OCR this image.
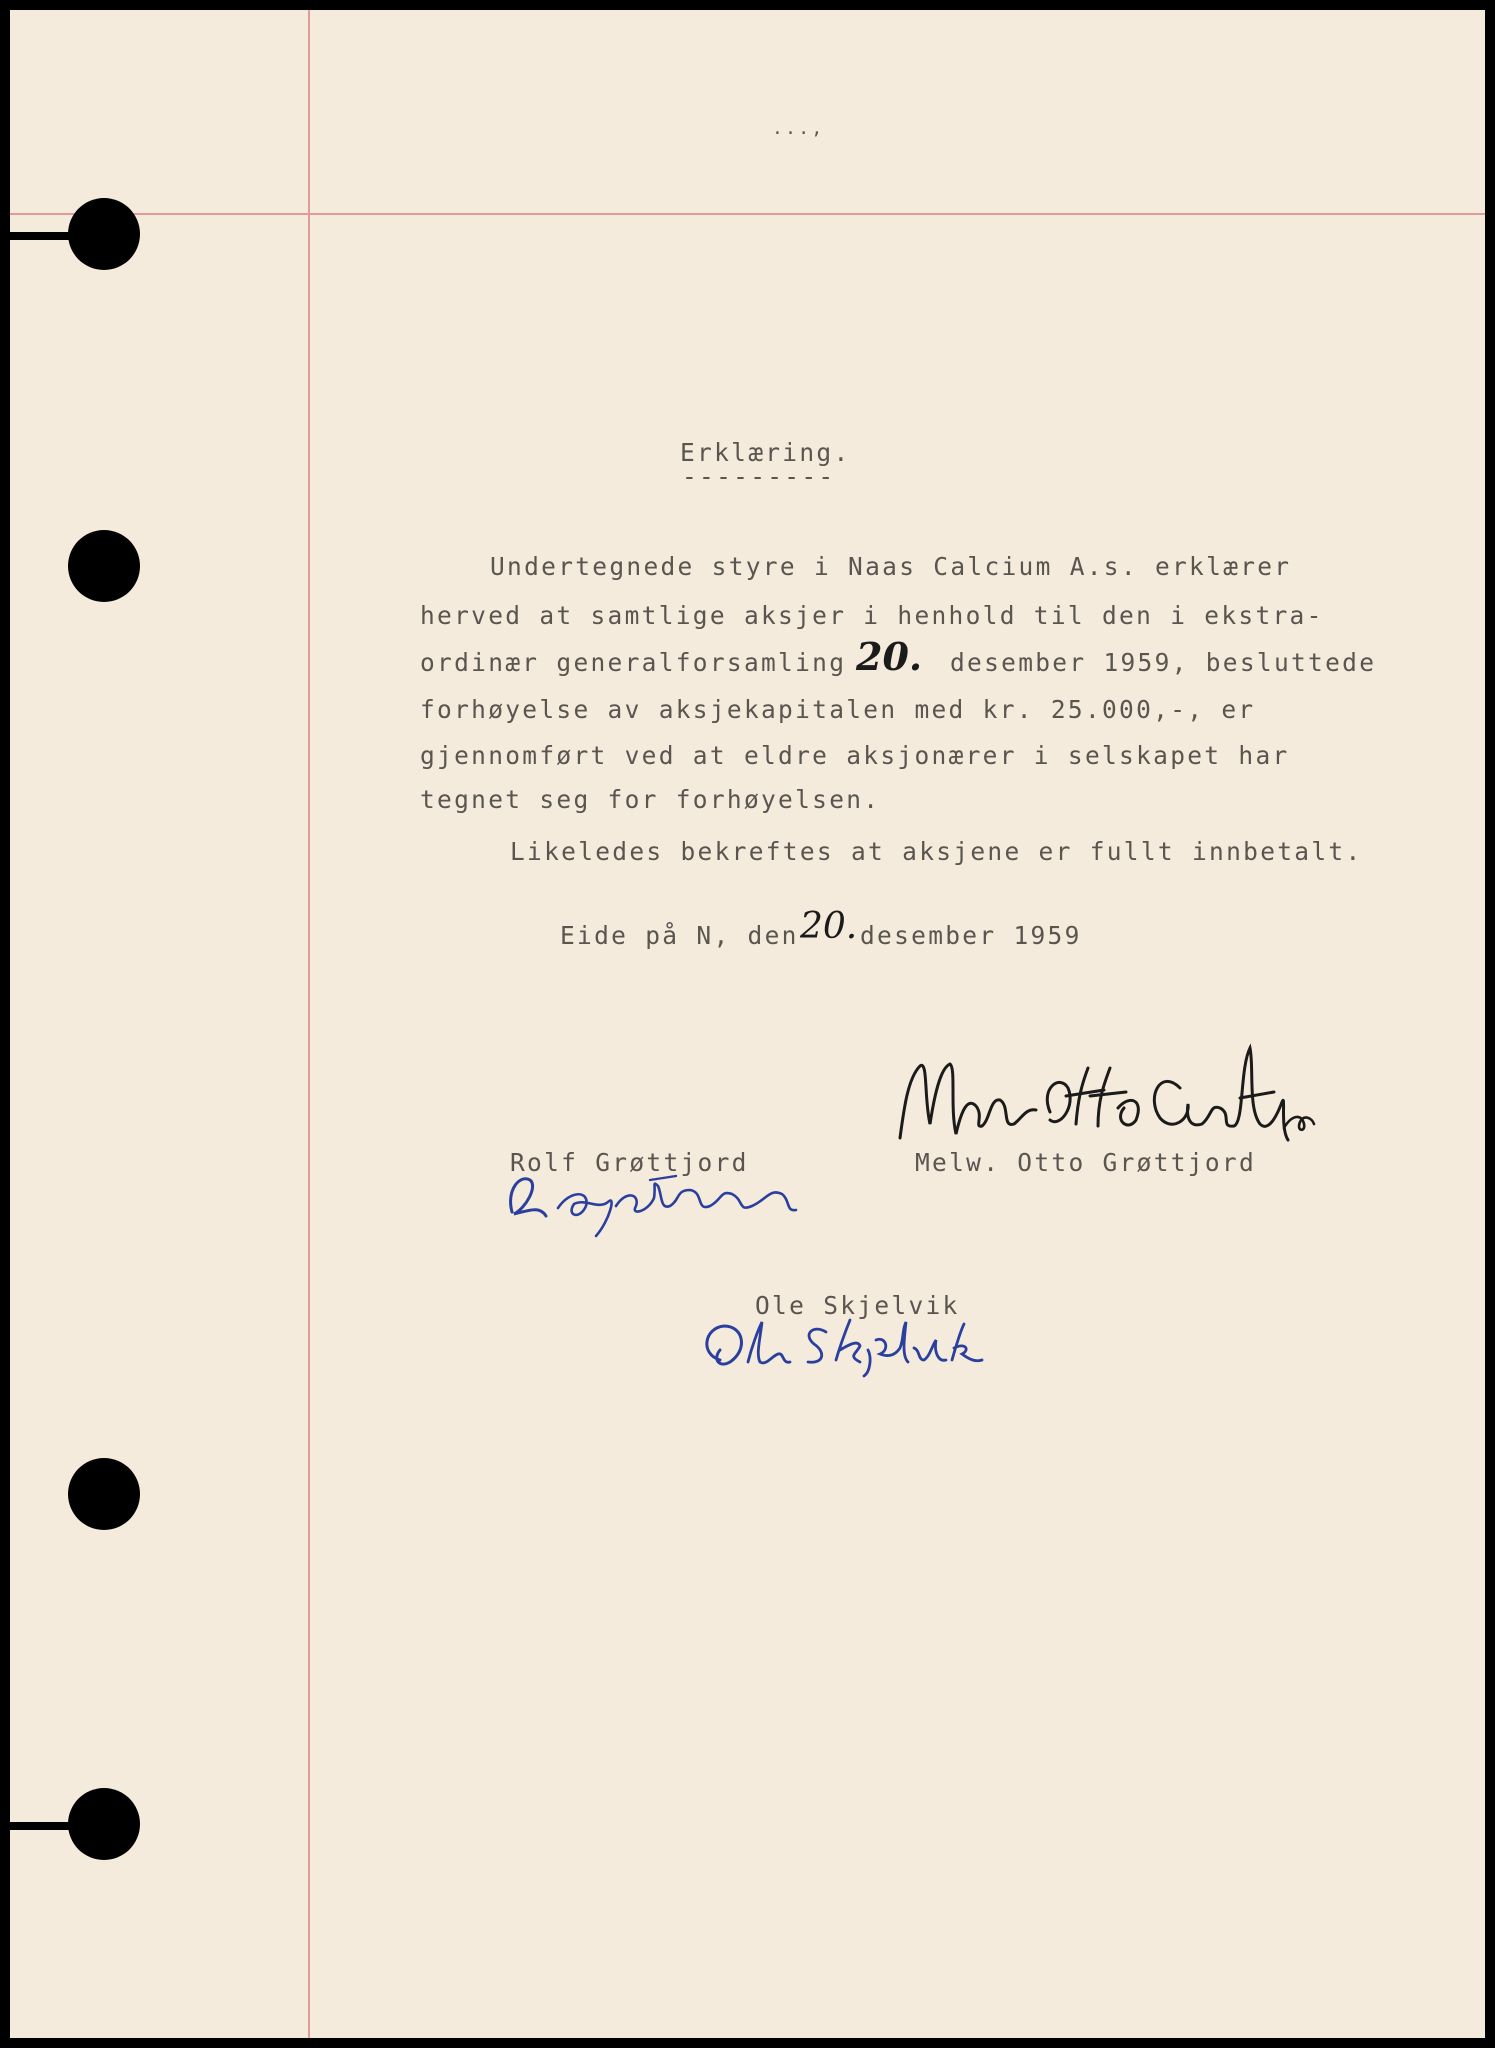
...,
Erklæring.
---------
Undertegnede styre i Naas Calcium A.s. erklærer
herved at samtlige aksjer i henhold til den i ekstra-
ordinær generalforsamling 20. desember 1959, besluttede
forhøyelse av aksjekapitalen med kr. 25.000,-, er
gjennomført ved at eldre aksjonærer i selskapet har
tegnet seg for forhøyelsen.
Likeledes bekreftes at aksjene er fullt innbetalt.
Eide på N, den 20. desember 1959
Rolf Grøttjord	Melw. Otto Grøttjord
Ole Skjelvik
